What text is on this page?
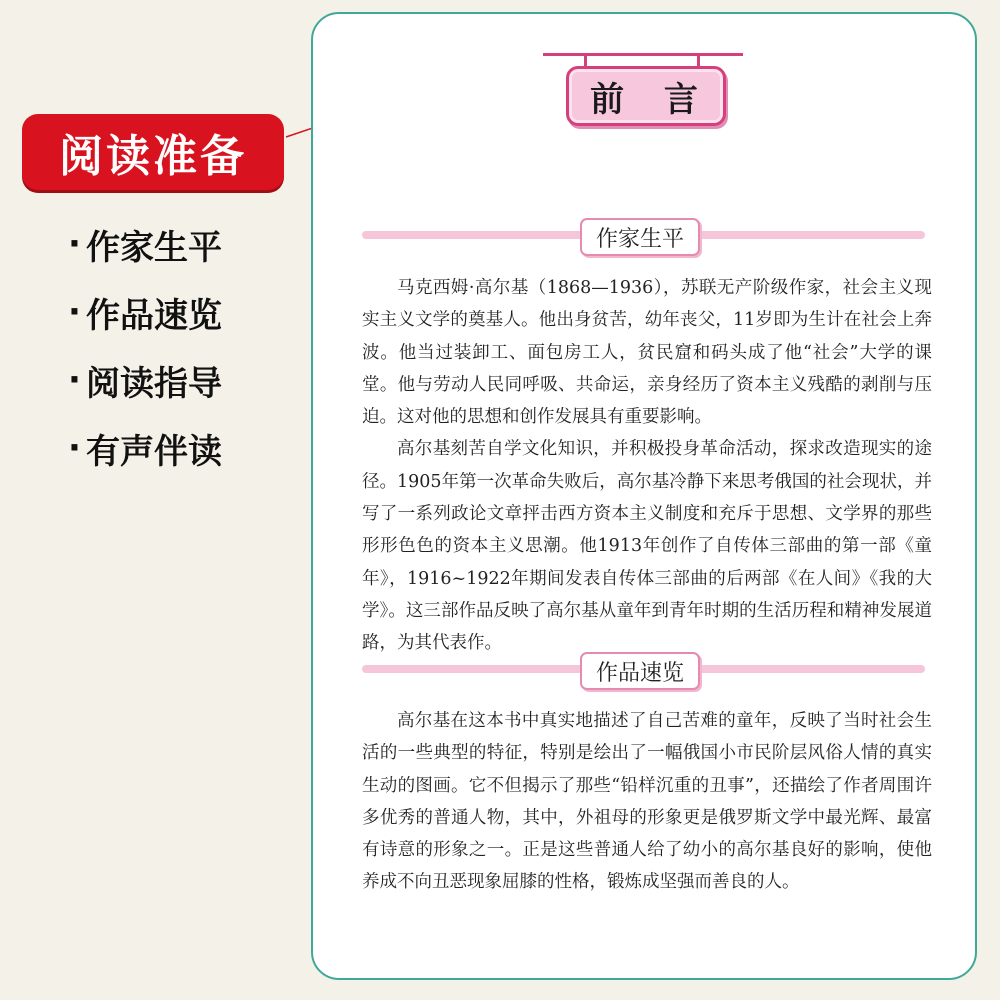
阅读准备
· 作家生平
· 作品速览
· 阅读指导
· 有声伴读
前 言
作家生平

马克西姆·高尔基（1868—1936），苏联无产阶级作家，社会主义现实主义文学的奠基人。他出身贫苦，幼年丧父，11岁即为生计在社会上奔波。他当过装卸工、面包房工人，贫民窟和码头成了他“社会”大学的课堂。他与劳动人民同呼吸、共命运，亲身经历了资本主义残酷的剥削与压迫。这对他的思想和创作发展具有重要影响。

高尔基刻苦自学文化知识，并积极投身革命活动，探求改造现实的途径。1905年第一次革命失败后，高尔基冷静下来思考俄国的社会现状，并写了一系列政论文章抨击西方资本主义制度和充斥于思想、文学界的那些形形色色的资本主义思潮。他1913年创作了自传体三部曲的第一部《童年》，1916~1922年期间发表自传体三部曲的后两部《在人间》《我的大学》。这三部作品反映了高尔基从童年到青年时期的生活历程和精神发展道路，为其代表作。

作品速览

高尔基在这本书中真实地描述了自己苦难的童年，反映了当时社会生活的一些典型的特征，特别是绘出了一幅俄国小市民阶层风俗人情的真实生动的图画。它不但揭示了那些“铅样沉重的丑事”，还描绘了作者周围许多优秀的普通人物，其中，外祖母的形象更是俄罗斯文学中最光辉、最富有诗意的形象之一。正是这些普通人给了幼小的高尔基良好的影响，使他养成不向丑恶现象屈膝的性格，锻炼成坚强而善良的人。
